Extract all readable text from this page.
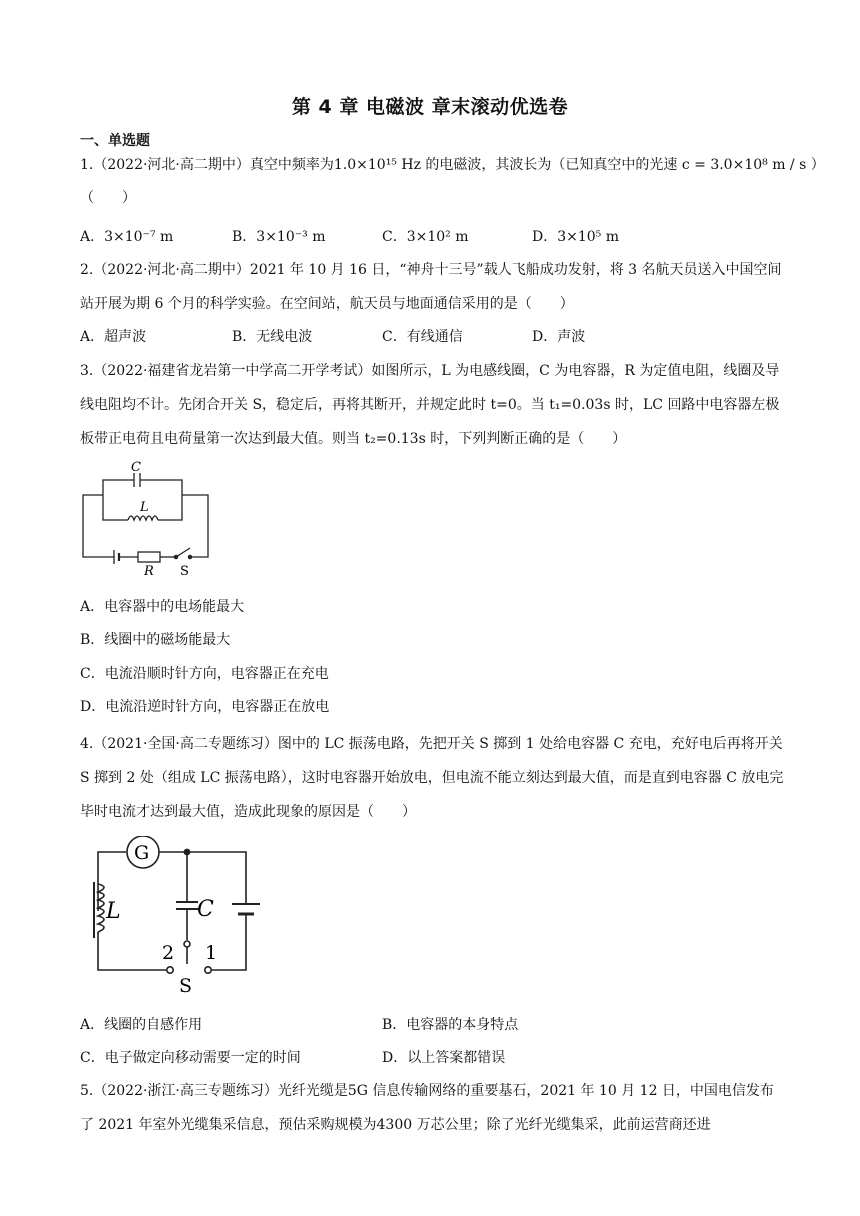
第 4 章 电磁波 章末滚动优选卷
一、单选题
1.（2022·河北·高二期中）真空中频率为1.0×10¹⁵ Hz 的电磁波，其波长为（已知真空中的光速 c = 3.0×10⁸ m / s ）
（　　）
A．3×10⁻⁷ m	B．3×10⁻³ m	C．3×10² m	D．3×10⁵ m
2.（2022·河北·高二期中）2021 年 10 月 16 日，“神舟十三号”载人飞船成功发射，将 3 名航天员送入中国空间站开展为期 6 个月的科学实验。在空间站，航天员与地面通信采用的是（　　）
A．超声波	B．无线电波	C．有线通信	D．声波
3.（2022·福建省龙岩第一中学高二开学考试）如图所示，L 为电感线圈，C 为电容器，R 为定值电阻，线圈及导线电阻均不计。先闭合开关 S，稳定后，再将其断开，并规定此时 t=0。当 t₁=0.03s 时，LC 回路中电容器左极板带正电荷且电荷量第一次达到最大值。则当 t₂=0.13s 时，下列判断正确的是（　　）
C
L
R S
A．电容器中的电场能最大
B．线圈中的磁场能最大
C．电流沿顺时针方向，电容器正在充电
D．电流沿逆时针方向，电容器正在放电
4.（2021·全国·高二专题练习）图中的 LC 振荡电路，先把开关 S 掷到 1 处给电容器 C 充电，充好电后再将开关 S 掷到 2 处（组成 LC 振荡电路），这时电容器开始放电，但电流不能立刻达到最大值，而是直到电容器 C 放电完毕时电流才达到最大值，造成此现象的原因是（　　）
G
L	C
2 1
S
A．线圈的自感作用	B．电容器的本身特点
C．电子做定向移动需要一定的时间	D．以上答案都错误
5.（2022·浙江·高三专题练习）光纤光缆是5G 信息传输网络的重要基石，2021 年 10 月 12 日，中国电信发布了 2021 年室外光缆集采信息，预估采购规模为4300 万芯公里；除了光纤光缆集采，此前运营商还进
